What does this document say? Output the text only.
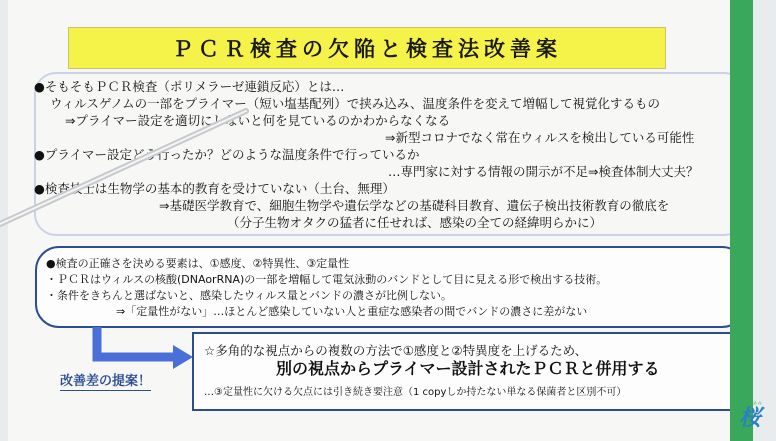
ＰＣＲ検査の欠陥と検査法改善案
●そもそもＰＣＲ検査（ポリメラーゼ連鎖反応）とは…
ウィルスゲノムの一部をプライマー（短い塩基配列）で挟み込み、温度条件を変えて増幅して視覚化するもの
⇒プライマー設定を適切にしないと何を見ているのかわからなくなる
⇒新型コロナでなく常在ウィルスを検出している可能性
●プライマー設定どう行ったか？どのような温度条件で行っているか
…専門家に対する情報の開示が不足⇒検査体制大丈夫？
●検査技士は生物学の基本的教育を受けていない（土台、無理）
⇒基礎医学教育で、細胞生物学や遺伝学などの基礎科目教育、遺伝子検出技術教育の徹底を
（分子生物オタクの猛者に任せれば、感染の全ての経緯明らかに）
●検査の正確さを決める要素は、①感度、②特異性、③定量性
・ＰＣＲはウィルスの核酸(DNAorRNA)の一部を増幅して電気泳動のバンドとして目に見える形で検出する技術。
・条件をきちんと選ばないと、感染したウィルス量とバンドの濃さが比例しない。
⇒「定量性がない」…ほとんど感染していない人と重症な感染者の間でバンドの濃さに差がない
改善差の提案！
☆多角的な視点からの複数の方法で①感度と②特異度を上げるため、
別の視点からプライマー設計されたＰＣＲと併用する
…③定量性に欠ける欠点には引き続き要注意（1 copyしか持たない単なる保菌者と区別不可）
チャンネル
桜
